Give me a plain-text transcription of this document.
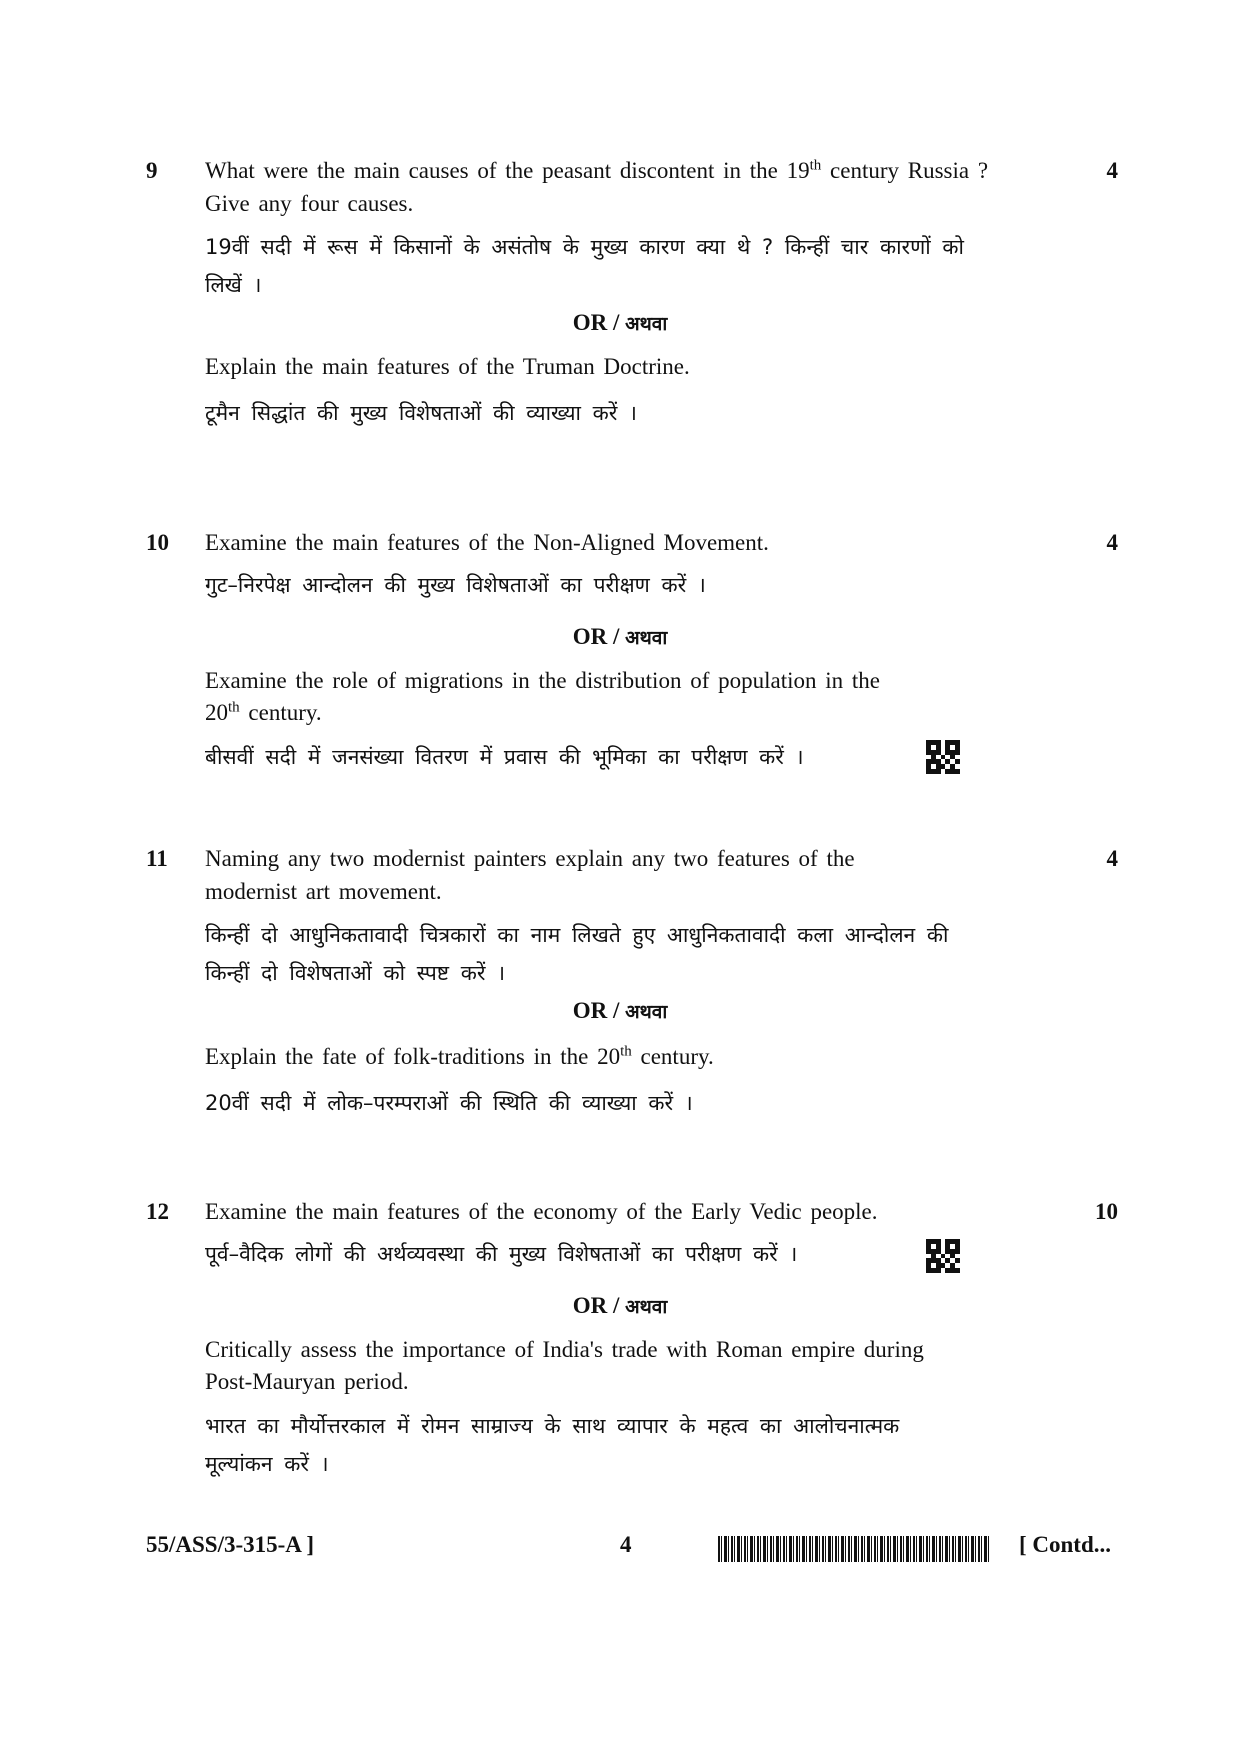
9	4
What were the main causes of the peasant discontent in the 19th century Russia ?
Give any four causes.
19वीं सदी में रूस में किसानों के असंतोष के मुख्य कारण क्या थे ? किन्हीं चार कारणों को
लिखें ।
OR / अथवा
Explain the main features of the Truman Doctrine.
टूमैन सिद्धांत की मुख्य विशेषताओं की व्याख्या करें ।
10	4
Examine the main features of the Non-Aligned Movement.
गुट–निरपेक्ष आन्दोलन की मुख्य विशेषताओं का परीक्षण करें ।
OR / अथवा
Examine the role of migrations in the distribution of population in the
20th century.
बीसवीं सदी में जनसंख्या वितरण में प्रवास की भूमिका का परीक्षण करें ।
11	4
Naming any two modernist painters explain any two features of the
modernist art movement.
किन्हीं दो आधुनिकतावादी चित्रकारों का नाम लिखते हुए आधुनिकतावादी कला आन्दोलन की
किन्हीं दो विशेषताओं को स्पष्ट करें ।
OR / अथवा
Explain the fate of folk-traditions in the 20th century.
20वीं सदी में लोक–परम्पराओं की स्थिति की व्याख्या करें ।
12	10
Examine the main features of the economy of the Early Vedic people.
पूर्व–वैदिक लोगों की अर्थव्यवस्था की मुख्य विशेषताओं का परीक्षण करें ।
OR / अथवा
Critically assess the importance of India's trade with Roman empire during
Post-Mauryan period.
भारत का मौर्योत्तरकाल में रोमन साम्राज्य के साथ व्यापार के महत्व का आलोचनात्मक
मूल्यांकन करें ।
55/ASS/3-315-A ]	4	[ Contd...
